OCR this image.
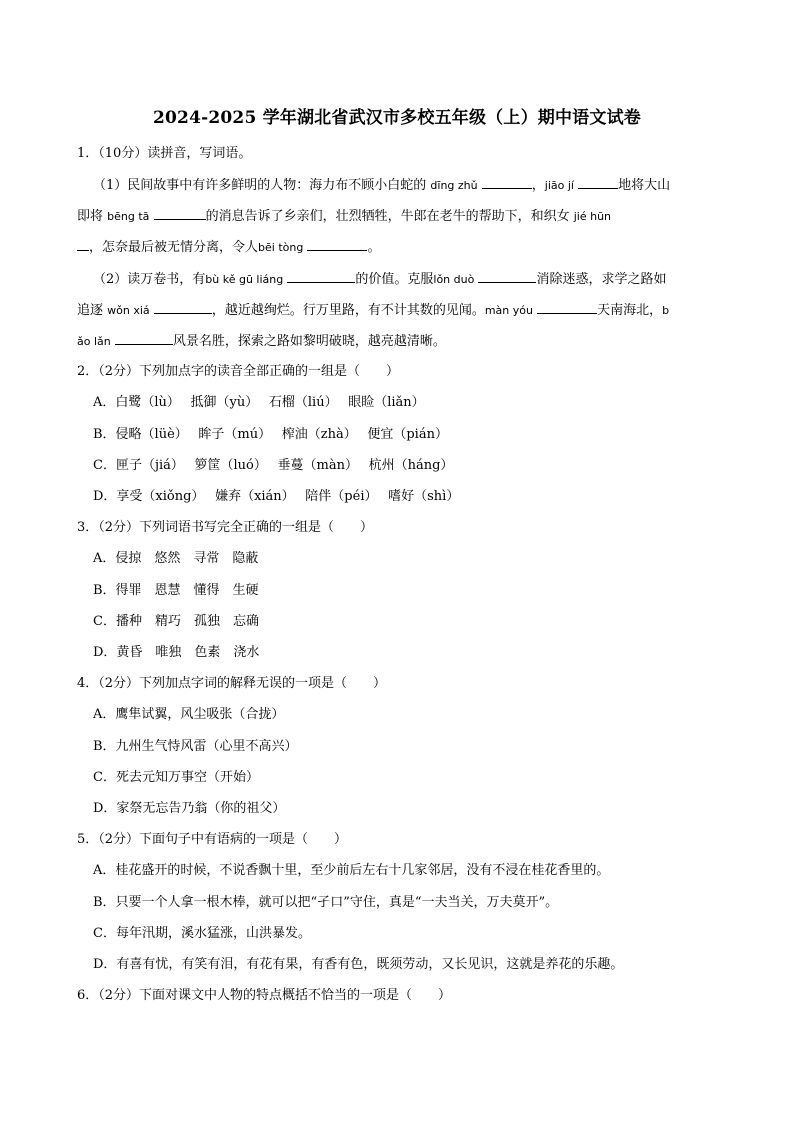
2024-2025 学年湖北省武汉市多校五年级（上）期中语文试卷
1．（10分）读拼音，写词语。
（1）民间故事中有许多鲜明的人物：海力布不顾小白蛇的 dīng zhǔ	，jiāo jí	地将大山
即将 bēng tā	的消息告诉了乡亲们，壮烈牺牲，牛郎在老牛的帮助下，和织女 jié hūn
，怎奈最后被无情分离，令人bēi tòng	。
（2）读万卷书，有bù kě gū liáng	的价值。克服lǒn duò	消除迷惑，求学之路如
追逐 wǒn xiá	，越近越绚烂。行万里路，有不计其数的见闻。màn yóu	天南海北，b
ǎo lǎn	风景名胜，探索之路如黎明破晓，越亮越清晰。
2．（2分）下列加点字的读音全部正确的一组是（　　）
A．白鹭（lù）　 抵御（yù）　 石榴（liú）　 眼睑（liǎn）
B．侵略（lüè）　 眸子（mú）　 榨油（zhà）　 便宜（pián）
C．匣子（jiá）　 箩筐（luó）　 垂蔓（màn）　 杭州（háng）
D．享受（xiǒng）　 嫌弃（xián）　 陪伴（péi）　 嗜好（shì）
3．（2分）下列词语书写完全正确的一组是（　　）
A．侵掠　悠然　寻常　隐蔽
B．得罪　恩慧　懂得　生硬
C．播种　精巧　孤独　忘确
D．黄昏　唯独　色素　浇水
4．（2分）下列加点字词的解释无误的一项是（　　）
A．鹰隼试翼，风尘吸张（合拢）
B．九州生气恃风雷（心里不高兴）
C．死去元知万事空（开始）
D．家祭无忘告乃翁（你的祖父）
5．（2分）下面句子中有语病的一项是（　　）
A．桂花盛开的时候，不说香飘十里，至少前后左右十几家邻居，没有不浸在桂花香里的。
B．只要一个人拿一根木棒，就可以把“孑口”守住，真是“一夫当关，万夫莫开”。
C．每年汛期，溪水猛涨，山洪暴发。
D．有喜有忧，有笑有泪，有花有果，有香有色，既须劳动，又长见识，这就是养花的乐趣。
6．（2分）下面对课文中人物的特点概括不恰当的一项是（　　）
